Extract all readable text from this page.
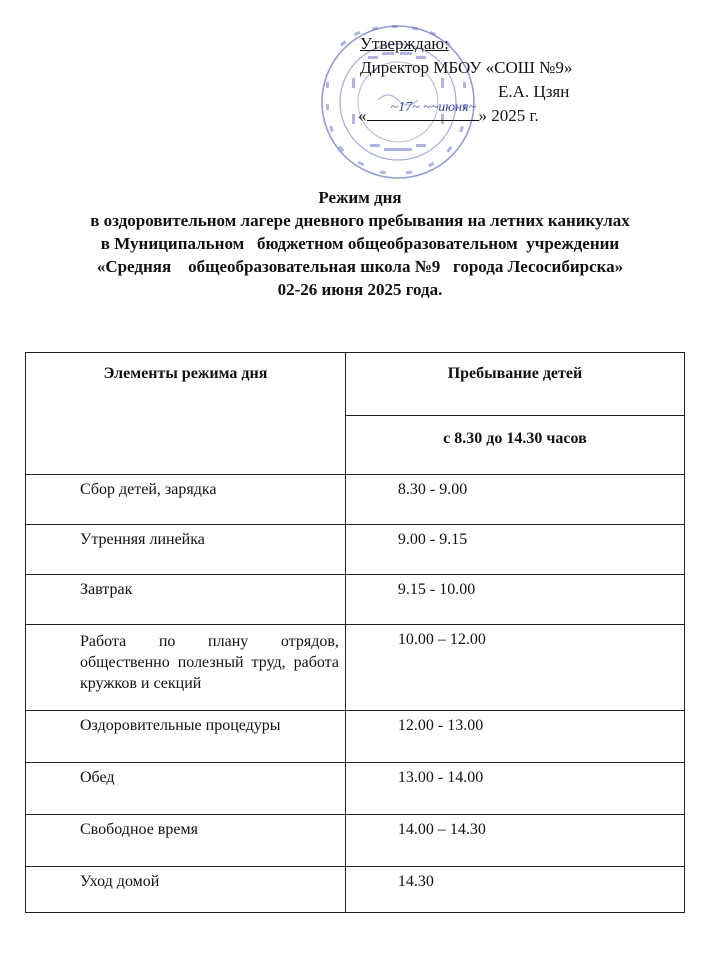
Утверждаю:
Директор МБОУ «СОШ №9»
Е.А. Цзян
« ~17~ ~~июня~ » 2025 г.
Режим дня
в оздоровительном лагере дневного пребывания на летних каникулах
в Муниципальном   бюджетном общеобразовательном  учреждении
«Средняя    общеобразовательная школа №9   города Лесосибирска»
02-26 июня 2025 года.
Элементы режима дня	Пребывание детей
	с 8.30 до 14.30 часов

Сбор детей, зарядка	8.30 - 9.00

Утренняя линейка	9.00 - 9.15

Завтрак	9.15 - 10.00

Работа по плану отрядов, общественно полезный труд, работа кружков и секций	10.00 – 12.00

Оздоровительные процедуры	12.00 - 13.00

Обед	13.00 - 14.00

Свободное время	14.00 – 14.30

Уход домой	14.30
